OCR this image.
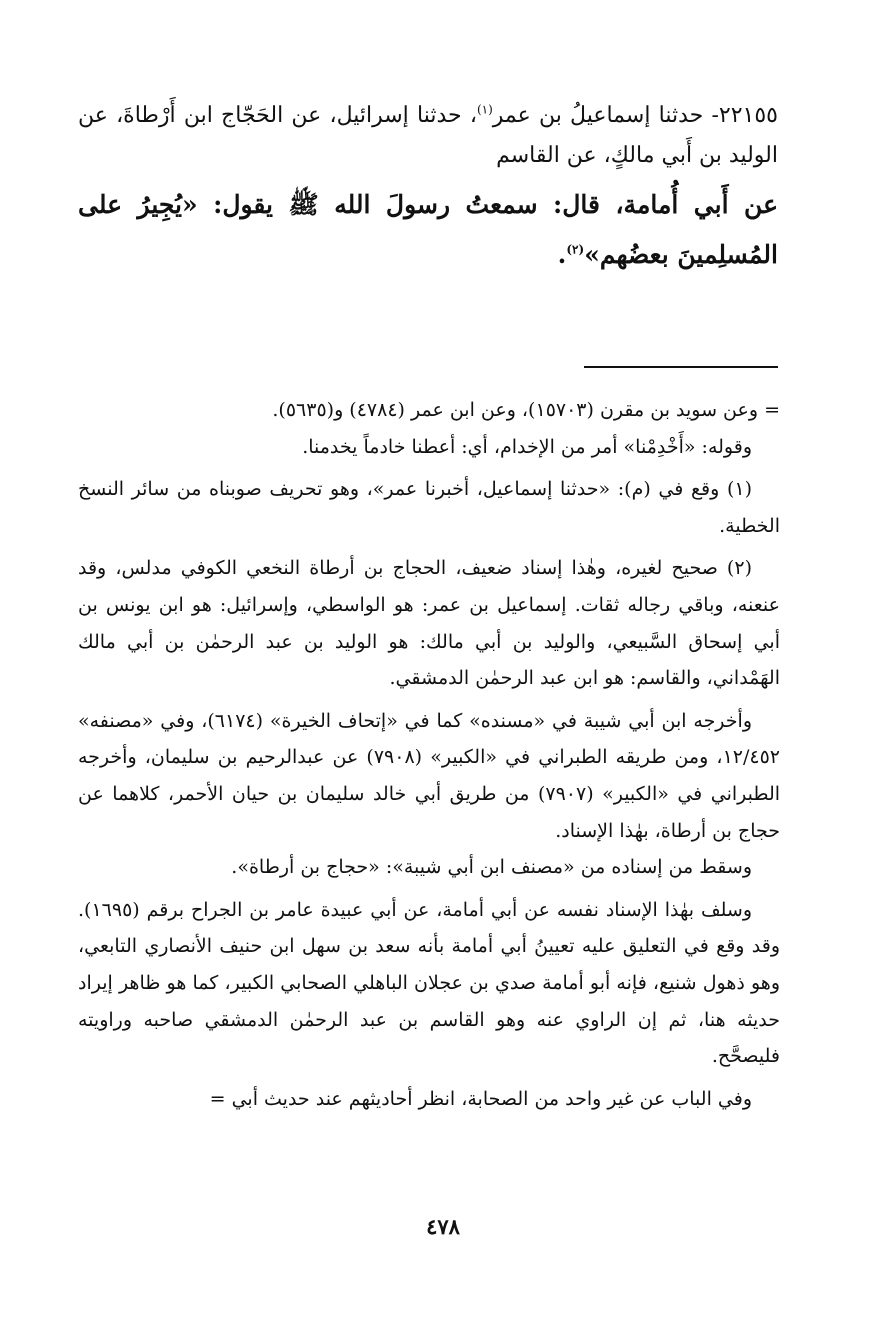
٢٢١٥٥- حدثنا إسماعيلُ بن عمر$^{(١)}$، حدثنا إسرائيل، عن الحَجّاج ابن أَرْطاةَ، عن الوليد بن أَبي مالكٍ، عن القاسم

عن أَبي أُمامة، قال: سمعتُ رسولَ الله ﷺ يقول: «يُجِيرُ على المُسلِمينَ بعضُهم»$^{(٢)}$.

= وعن سويد بن مقرن (١٥٧٠٣)، وعن ابن عمر (٤٧٨٤) و(٥٦٣٥).

وقوله: «أَخْدِمْنا» أمر من الإخدام، أي: أعطنا خادماً يخدمنا.

(١) وقع في (م): «حدثنا إسماعيل، أخبرنا عمر»، وهو تحريف صوبناه من سائر النسخ الخطية.

(٢) صحيح لغيره، وهٰذا إسناد ضعيف، الحجاج بن أرطاة النخعي الكوفي مدلس، وقد عنعنه، وباقي رجاله ثقات. إسماعيل بن عمر: هو الواسطي، وإسرائيل: هو ابن يونس بن أبي إسحاق السَّبيعي، والوليد بن أبي مالك: هو الوليد بن عبد الرحمٰن بن أبي مالك الهَمْداني، والقاسم: هو ابن عبد الرحمٰن الدمشقي.

وأخرجه ابن أبي شيبة في «مسنده» كما في «إتحاف الخيرة» (٦١٧٤)، وفي «مصنفه» ١٢/٤٥٢، ومن طريقه الطبراني في «الكبير» (٧٩٠٨) عن عبدالرحيم بن سليمان، وأخرجه الطبراني في «الكبير» (٧٩٠٧) من طريق أبي خالد سليمان بن حيان الأحمر، كلاهما عن حجاج بن أرطاة، بهٰذا الإسناد.

وسقط من إسناده من «مصنف ابن أبي شيبة»: «حجاج بن أرطاة».

وسلف بهٰذا الإسناد نفسه عن أبي أمامة، عن أبي عبيدة عامر بن الجراح برقم (١٦٩٥). وقد وقع في التعليق عليه تعيينُ أبي أمامة بأنه سعد بن سهل ابن حنيف الأنصاري التابعي، وهو ذهول شنيع، فإنه أبو أمامة صدي بن عجلان الباهلي الصحابي الكبير، كما هو ظاهر إيراد حديثه هنا، ثم إن الراوي عنه وهو القاسم بن عبد الرحمٰن الدمشقي صاحبه وراويته فليصحَّح.

وفي الباب عن غير واحد من الصحابة، انظر أحاديثهم عند حديث أبي =

٤٧٨
